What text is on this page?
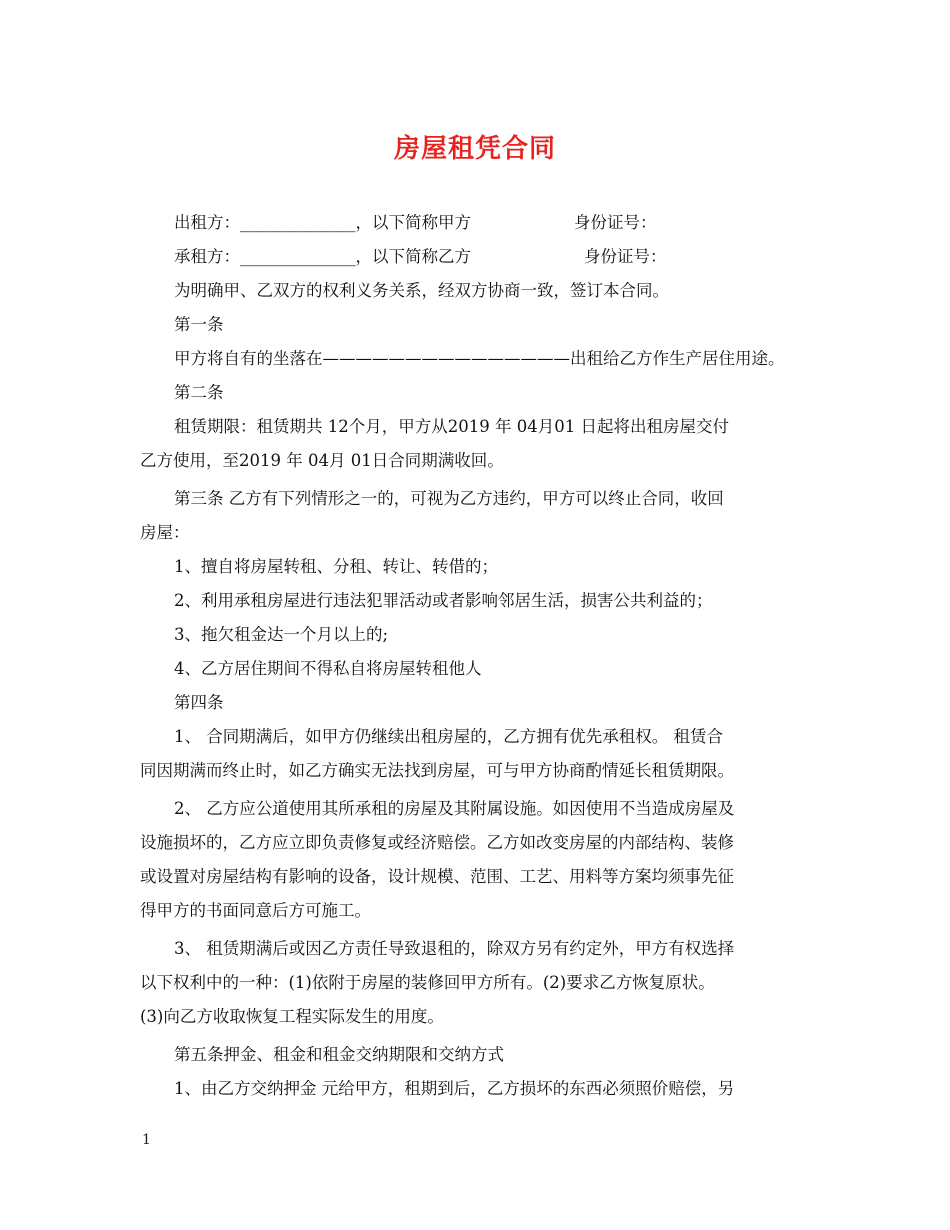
房屋租凭合同
出租方：______________，以下简称甲方	身份证号：
承租方：______________，以下简称乙方	身份证号：
为明确甲、乙双方的权利义务关系，经双方协商一致，签订本合同。
第一条
甲方将自有的坐落在———————————————出租给乙方作生产居住用途。
第二条
租赁期限：租赁期共 12个月，甲方从2019 年 04月01 日起将出租房屋交付
乙方使用，至2019 年 04月 01日合同期满收回。
第三条 乙方有下列情形之一的，可视为乙方违约，甲方可以终止合同，收回
房屋：
1、擅自将房屋转租、分租、转让、转借的；
2、利用承租房屋进行违法犯罪活动或者影响邻居生活，损害公共利益的；
3、拖欠租金达一个月以上的;
4、乙方居住期间不得私自将房屋转租他人
第四条
1、 合同期满后，如甲方仍继续出租房屋的，乙方拥有优先承租权。 租赁合
同因期满而终止时，如乙方确实无法找到房屋，可与甲方协商酌情延长租赁期限。
2、 乙方应公道使用其所承租的房屋及其附属设施。如因使用不当造成房屋及
设施损坏的，乙方应立即负责修复或经济赔偿。乙方如改变房屋的内部结构、装修
或设置对房屋结构有影响的设备，设计规模、范围、工艺、用料等方案均须事先征
得甲方的书面同意后方可施工。
3、 租赁期满后或因乙方责任导致退租的，除双方另有约定外，甲方有权选择
以下权利中的一种：(1)依附于房屋的装修回甲方所有。(2)要求乙方恢复原状。
(3)向乙方收取恢复工程实际发生的用度。
第五条押金、租金和租金交纳期限和交纳方式
1、由乙方交纳押金 元给甲方，租期到后，乙方损坏的东西必须照价赔偿，另
1
